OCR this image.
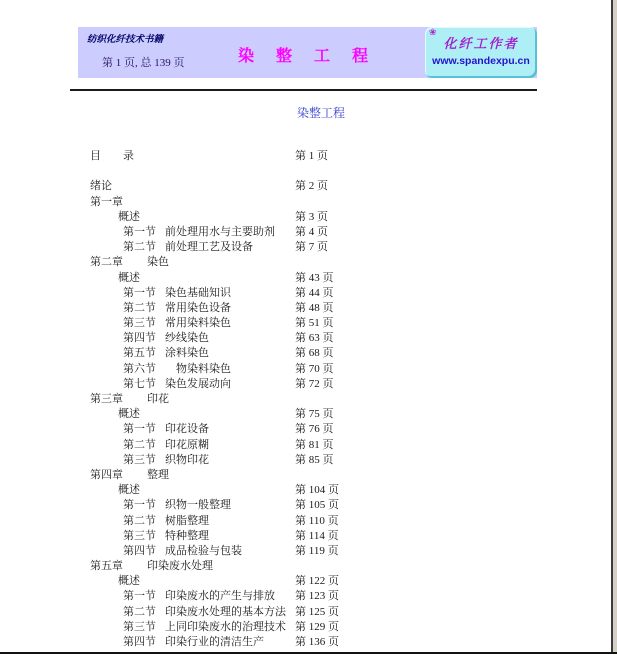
纺织化纤技术书籍
第 1 页, 总 139 页	染 整 工 程
❀
化纤工作者
www.spandexpu.cn
染整工程
目　　录	第 1 页
绪论	第 2 页
第一章
概述	第 3 页
第一节 前处理用水与主要助剂 第 4 页
第二节 前处理工艺及设备	第 7 页
第二章 染色
概述	第 43 页
第一节 染色基础知识	第 44 页
第二节 常用染色设备	第 48 页
第三节 常用染料染色	第 51 页
第四节 纱线染色	第 63 页
第五节 涂料染色	第 68 页
第六节　物染料染色	第 70 页
第七节 染色发展动向	第 72 页
第三章 印花
概述	第 75 页
第一节 印花设备	第 76 页
第二节 印花原糊	第 81 页
第三节 织物印花	第 85 页
第四章 整理
概述	第 104 页
第一节 织物一般整理	第 105 页
第二节 树脂整理	第 110 页
第三节 特种整理	第 114 页
第四节 成品检验与包装	第 119 页
第五章 印染废水处理
概述	第 122 页
第一节 印染废水的产生与排放 第 123 页
第二节 印染废水处理的基本方法 第 125 页
第三节 上同印染废水的治理技术 第 129 页
第四节 印染行业的清洁生产	第 136 页
